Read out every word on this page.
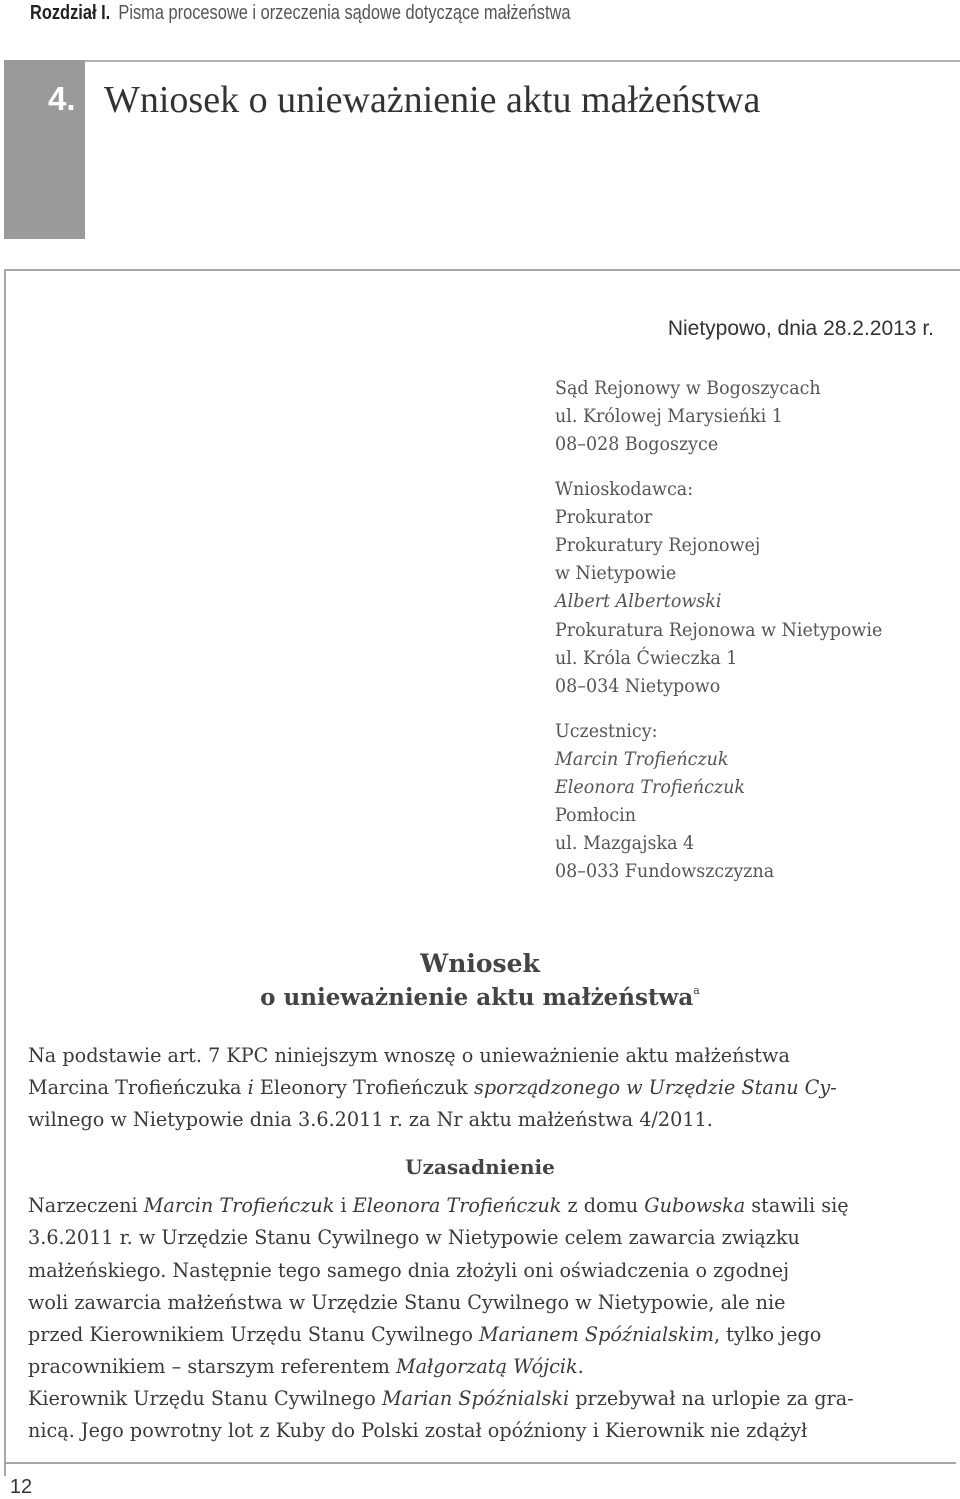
Rozdział I. Pisma procesowe i orzeczenia sądowe dotyczące małżeństwa
4. Wniosek o unieważnienie aktu małżeństwa
Nietypowo, dnia 28.2.2013 r.
Sąd Rejonowy w Bogoszycach
ul. Królowej Marysieńki 1
08–028 Bogoszyce
Wnioskodawca:
Prokurator
Prokuratury Rejonowej
w Nietypowie
Albert Albertowski
Prokuratura Rejonowa w Nietypowie
ul. Króla Ćwieczka 1
08–034 Nietypowo
Uczestnicy:
Marcin Trofieńczuk
Eleonora Trofieńczuk
Pomłocin
ul. Mazgajska 4
08–033 Fundowszczyzna
Wniosek
o unieważnienie aktu małżeństwa$^a$
Na podstawie art. 7 KPC niniejszym wnoszę o unieważnienie aktu małżeństwa
Marcina Trofieńczuka i Eleonory Trofieńczuk sporządzonego w Urzędzie Stanu Cy-
wilnego w Nietypowie dnia 3.6.2011 r. za Nr aktu małżeństwa 4/2011.
Uzasadnienie
Narzeczeni Marcin Trofieńczuk i Eleonora Trofieńczuk z domu Gubowska stawili się
3.6.2011 r. w Urzędzie Stanu Cywilnego w Nietypowie celem zawarcia związku
małżeńskiego. Następnie tego samego dnia złożyli oni oświadczenia o zgodnej
woli zawarcia małżeństwa w Urzędzie Stanu Cywilnego w Nietypowie, ale nie
przed Kierownikiem Urzędu Stanu Cywilnego Marianem Spóźnialskim, tylko jego
pracownikiem – starszym referentem Małgorzatą Wójcik.
Kierownik Urzędu Stanu Cywilnego Marian Spóźnialski przebywał na urlopie za gra-
nicą. Jego powrotny lot z Kuby do Polski został opóźniony i Kierownik nie zdążył
12
